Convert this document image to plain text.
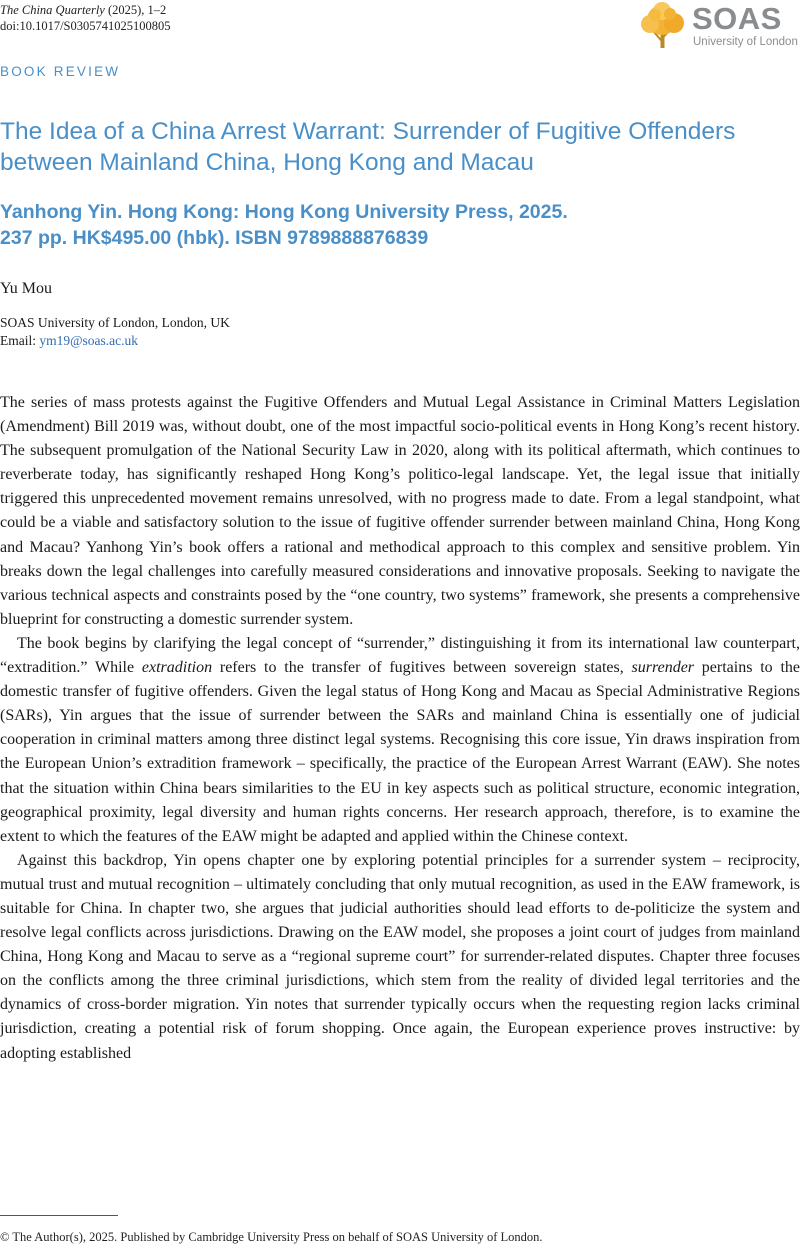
The China Quarterly (2025), 1–2
doi:10.1017/S0305741025100805	SOAS
University of London
BOOK REVIEW
The Idea of a China Arrest Warrant: Surrender of Fugitive Offenders between Mainland China, Hong Kong and Macau
Yanhong Yin. Hong Kong: Hong Kong University Press, 2025.
237 pp. HK$495.00 (hbk). ISBN 9789888876839
Yu Mou
SOAS University of London, London, UK
Email: ym19@soas.ac.uk

The series of mass protests against the Fugitive Offenders and Mutual Legal Assistance in Criminal Matters Legislation (Amendment) Bill 2019 was, without doubt, one of the most impactful socio-political events in Hong Kong’s recent history. The subsequent promulgation of the National Security Law in 2020, along with its political aftermath, which continues to reverberate today, has significantly reshaped Hong Kong’s politico-legal landscape. Yet, the legal issue that initially triggered this unprecedented movement remains unresolved, with no progress made to date. From a legal standpoint, what could be a viable and satisfactory solution to the issue of fugitive offender surrender between mainland China, Hong Kong and Macau? Yanhong Yin’s book offers a rational and methodical approach to this complex and sensitive problem. Yin breaks down the legal challenges into carefully measured considerations and innovative proposals. Seeking to navigate the various technical aspects and constraints posed by the “one country, two systems” framework, she presents a comprehensive blueprint for constructing a domestic surrender system.

The book begins by clarifying the legal concept of “surrender,” distinguishing it from its international law counterpart, “extradition.” While extradition refers to the transfer of fugitives between sovereign states, surrender pertains to the domestic transfer of fugitive offenders. Given the legal status of Hong Kong and Macau as Special Administrative Regions (SARs), Yin argues that the issue of surrender between the SARs and mainland China is essentially one of judicial cooperation in criminal matters among three distinct legal systems. Recognising this core issue, Yin draws inspiration from the European Union’s extradition framework – specifically, the practice of the European Arrest Warrant (EAW). She notes that the situation within China bears similarities to the EU in key aspects such as political structure, economic integration, geographical proximity, legal diversity and human rights concerns. Her research approach, therefore, is to examine the extent to which the features of the EAW might be adapted and applied within the Chinese context.

Against this backdrop, Yin opens chapter one by exploring potential principles for a surrender system – reciprocity, mutual trust and mutual recognition – ultimately concluding that only mutual recognition, as used in the EAW framework, is suitable for China. In chapter two, she argues that judicial authorities should lead efforts to de-politicize the system and resolve legal conflicts across jurisdictions. Drawing on the EAW model, she proposes a joint court of judges from mainland China, Hong Kong and Macau to serve as a “regional supreme court” for surrender-related disputes. Chapter three focuses on the conflicts among the three criminal jurisdictions, which stem from the reality of divided legal territories and the dynamics of cross-border migration. Yin notes that surrender typically occurs when the requesting region lacks criminal jurisdiction, creating a potential risk of forum shopping. Once again, the European experience proves instructive: by adopting established

© The Author(s), 2025. Published by Cambridge University Press on behalf of SOAS University of London.
